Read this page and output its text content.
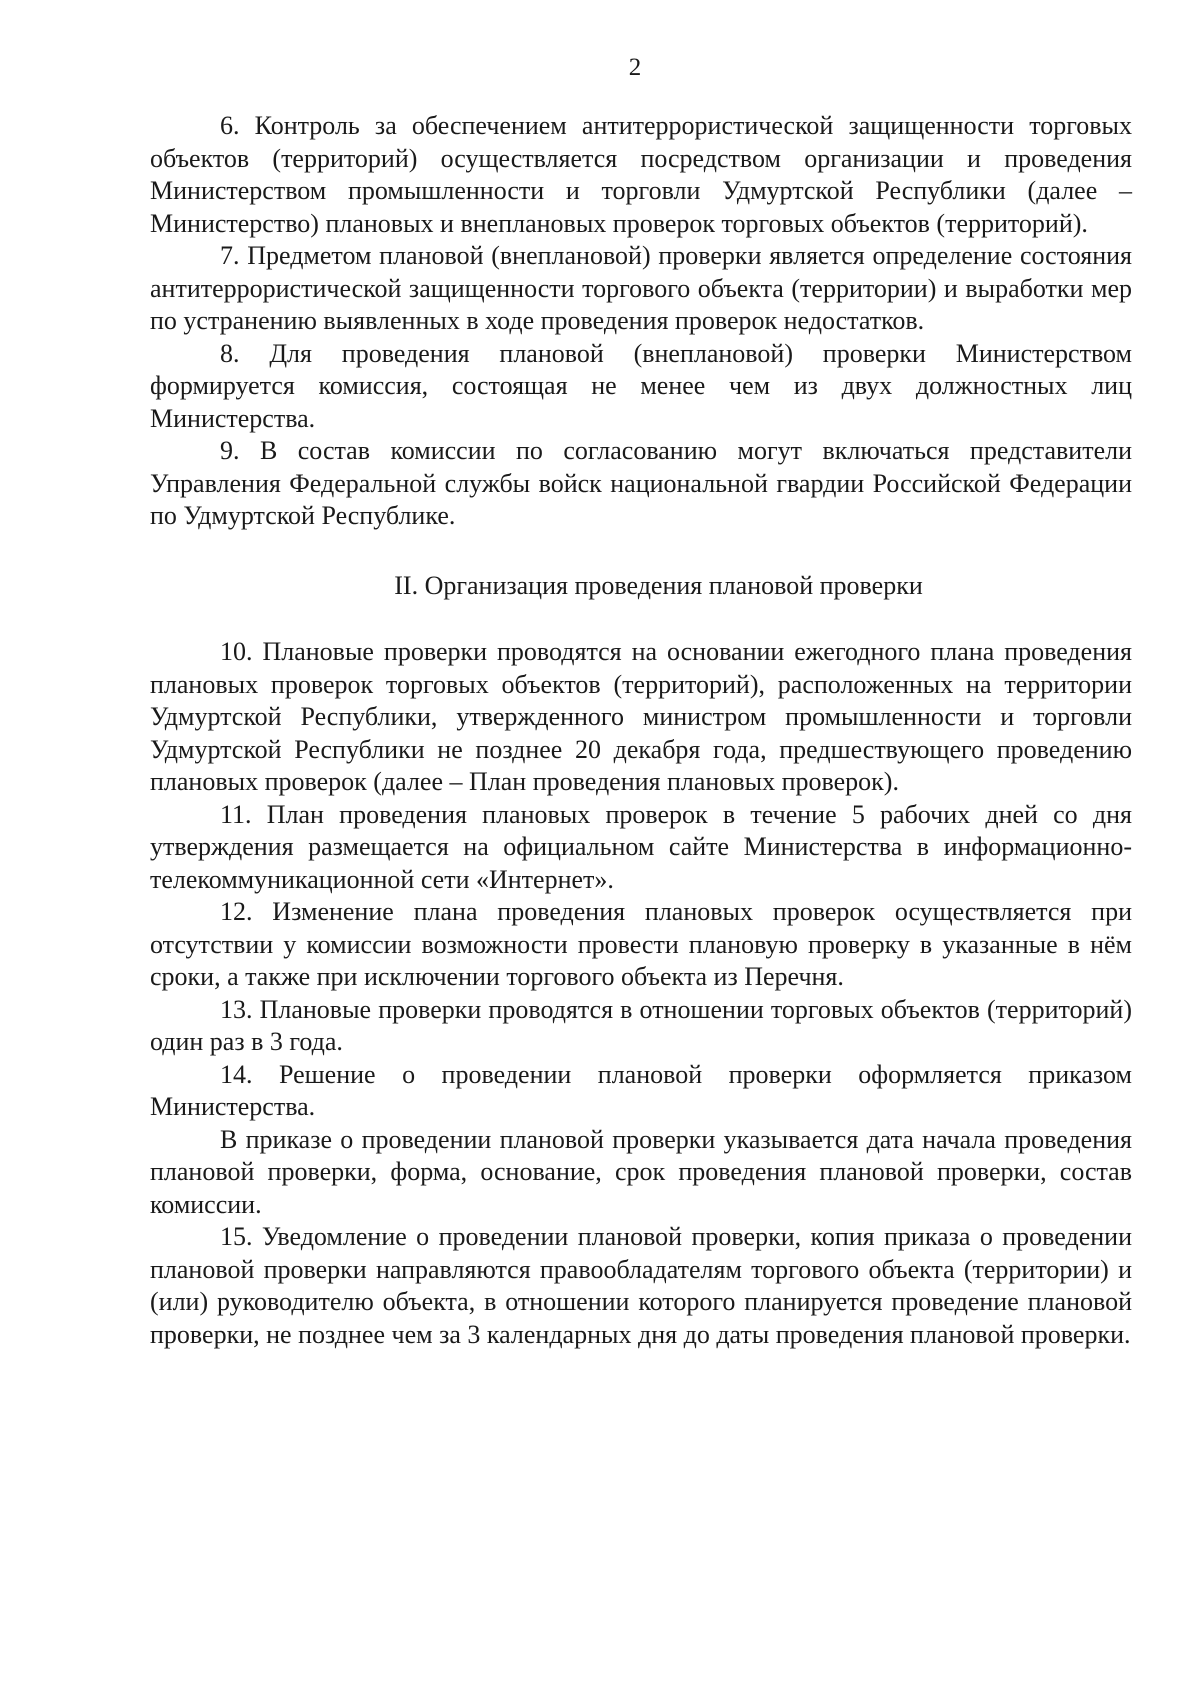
2

6. Контроль за обеспечением антитеррористической защищенности торговых объектов (территорий) осуществляется посредством организации и проведения Министерством промышленности и торговли Удмуртской Республики (далее – Министерство) плановых и внеплановых проверок торговых объектов (территорий).

7. Предметом плановой (внеплановой) проверки является определение состояния антитеррористической защищенности торгового объекта (территории) и выработки мер по устранению выявленных в ходе проведения проверок недостатков.

8. Для проведения плановой (внеплановой) проверки Министерством формируется комиссия, состоящая не менее чем из двух должностных лиц Министерства.

9. В состав комиссии по согласованию могут включаться представители Управления Федеральной службы войск национальной гвардии Российской Федерации по Удмуртской Республике.

II. Организация проведения плановой проверки

10. Плановые проверки проводятся на основании ежегодного плана проведения плановых проверок торговых объектов (территорий), расположенных на территории Удмуртской Республики, утвержденного министром промышленности и торговли Удмуртской Республики не позднее 20 декабря года, предшествующего проведению плановых проверок (далее – План проведения плановых проверок).

11. План проведения плановых проверок в течение 5 рабочих дней со дня утверждения размещается на официальном сайте Министерства в информационно-телекоммуникационной сети «Интернет».

12. Изменение плана проведения плановых проверок осуществляется при отсутствии у комиссии возможности провести плановую проверку в указанные в нём сроки, а также при исключении торгового объекта из Перечня.

13. Плановые проверки проводятся в отношении торговых объектов (территорий) один раз в 3 года.

14. Решение о проведении плановой проверки оформляется приказом Министерства.

В приказе о проведении плановой проверки указывается дата начала проведения плановой проверки, форма, основание, срок проведения плановой проверки, состав комиссии.

15. Уведомление о проведении плановой проверки, копия приказа о проведении плановой проверки направляются правообладателям торгового объекта (территории) и (или) руководителю объекта, в отношении которого планируется проведение плановой проверки, не позднее чем за 3 календарных дня до даты проведения плановой проверки.
